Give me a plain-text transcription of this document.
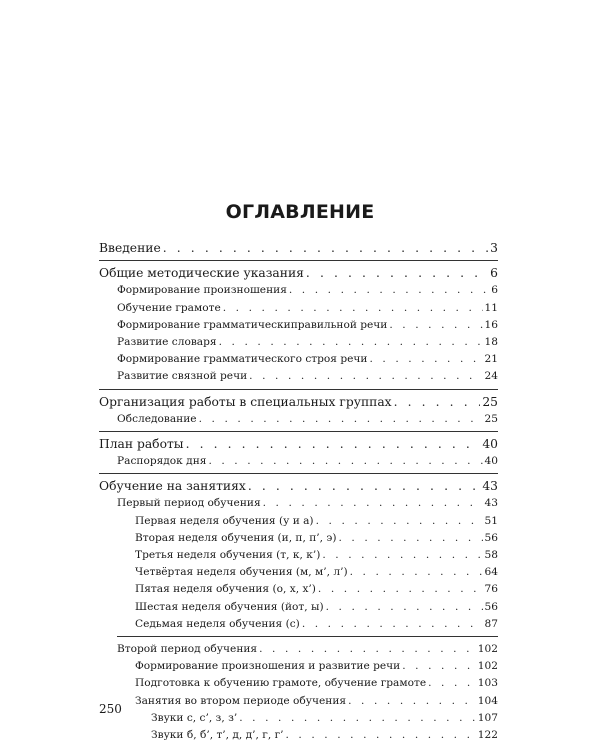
ОГЛАВЛЕНИЕ
Введение . . .	3
Общие методические указания . . .	6
Формирование произношения . . .	6
Обучение грамоте . . .	11
Формирование грамматическиправильной речи . . .	16
Развитие словаря . . .	18
Формирование грамматического строя речи . . .	21
Развитие связной речи . . .	24
Организация работы в специальных группах . . .	25
Обследование . . .	25
План работы . . .	40
Распорядок дня . . .	40
Обучение на занятиях . . .	43
Первый период обучения . . .	43
Первая неделя обучения (у и а) . . .	51
Вторая неделя обучения (и, п, п’, э) . . .	56
Третья неделя обучения (т, к, к’) . . .	58
Четвёртая неделя обучения (м, м’, л’) . . .	64
Пятая неделя обучения (о, х, х’) . . .	76
Шестая неделя обучения (йот, ы) . . .	56
Седьмая неделя обучения (с) . . .	87
Второй период обучения . . .	102
Формирование произношения и развитие речи . . .	102
Подготовка к обучению грамоте, обучение грамоте . . .	103
Занятия во втором периоде обучения . . .	104
Звуки с, с’, з, з’ . . .	107
Звуки б, б’, т’, д, д’, г, г’ . . .	122
250
